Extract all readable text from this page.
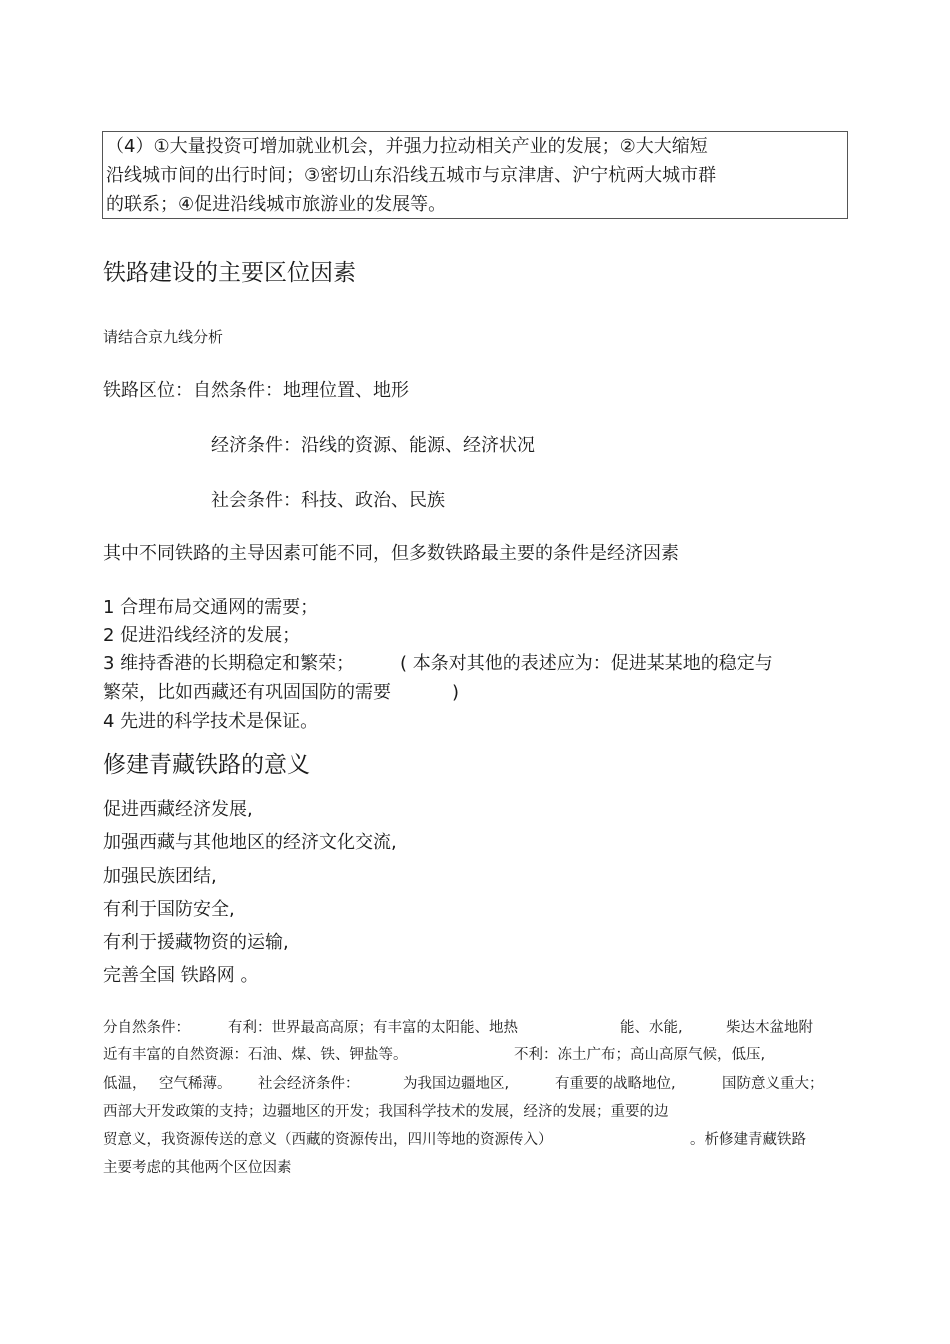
（4）①大量投资可增加就业机会，并强力拉动相关产业的发展；②大大缩短
沿线城市间的出行时间；③密切山东沿线五城市与京津唐、沪宁杭两大城市群
的联系；④促进沿线城市旅游业的发展等。
铁路建设的主要区位因素
请结合京九线分析
铁路区位：自然条件：地理位置、地形
经济条件：沿线的资源、能源、经济状况
社会条件：科技、政治、民族
其中不同铁路的主导因素可能不同，但多数铁路最主要的条件是经济因素
1 合理布局交通网的需要；
2 促进沿线经济的发展；
3 维持香港的长期稳定和繁荣；	( 本条对其他的表述应为：促进某某地的稳定与
繁荣，比如西藏还有巩固国防的需要	)
4 先进的科学技术是保证。
修建青藏铁路的意义
促进西藏经济发展,
加强西藏与其他地区的经济文化交流,
加强民族团结,
有利于国防安全,
有利于援藏物资的运输,
完善全国 铁路网 。
分自然条件：	有利：世界最高高原；有丰富的太阳能、地热	能、水能,	柴达木盆地附
近有丰富的自然资源：石油、煤、铁、钾盐等。	不利：冻土广布；高山高原气候，低压,
低温， 空气稀薄。 社会经济条件：	为我国边疆地区,	有重要的战略地位,	国防意义重大；
西部大开发政策的支持；边疆地区的开发；我国科学技术的发展，经济的发展；重要的边
贸意义，我资源传送的意义（西藏的资源传出，四川等地的资源传入）	。析修建青藏铁路
主要考虑的其他两个区位因素
